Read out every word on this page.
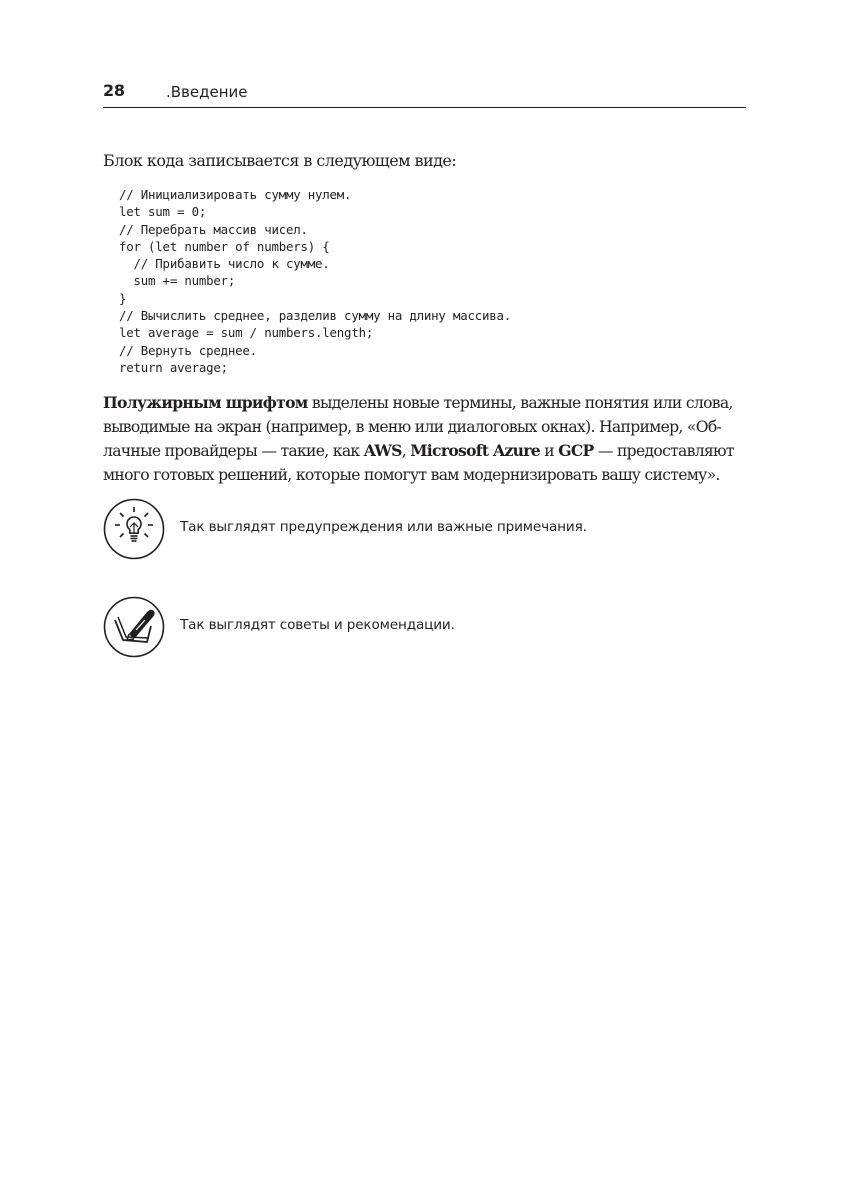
28	.Введение

Блок кода записывается в следующем виде:

// Инициализировать сумму нулем.
let sum = 0;
// Перебрать массив чисел.
for (let number of numbers) {
// Прибавить число к сумме.
sum += number;
}
// Вычислить среднее, разделив сумму на длину массива.
let average = sum / numbers.length;
// Вернуть среднее.
return average;

Полужирным шрифтом выделены новые термины, важные понятия или слова,
выводимые на экран (например, в меню или диалоговых окнах). Например, «Об-
лачные провайдеры — такие, как AWS, Microsoft Azure и GCP — предоставляют
много готовых решений, которые помогут вам модернизировать вашу систему».

Так выглядят предупреждения или важные примечания.
Так выглядят советы и рекомендации.
